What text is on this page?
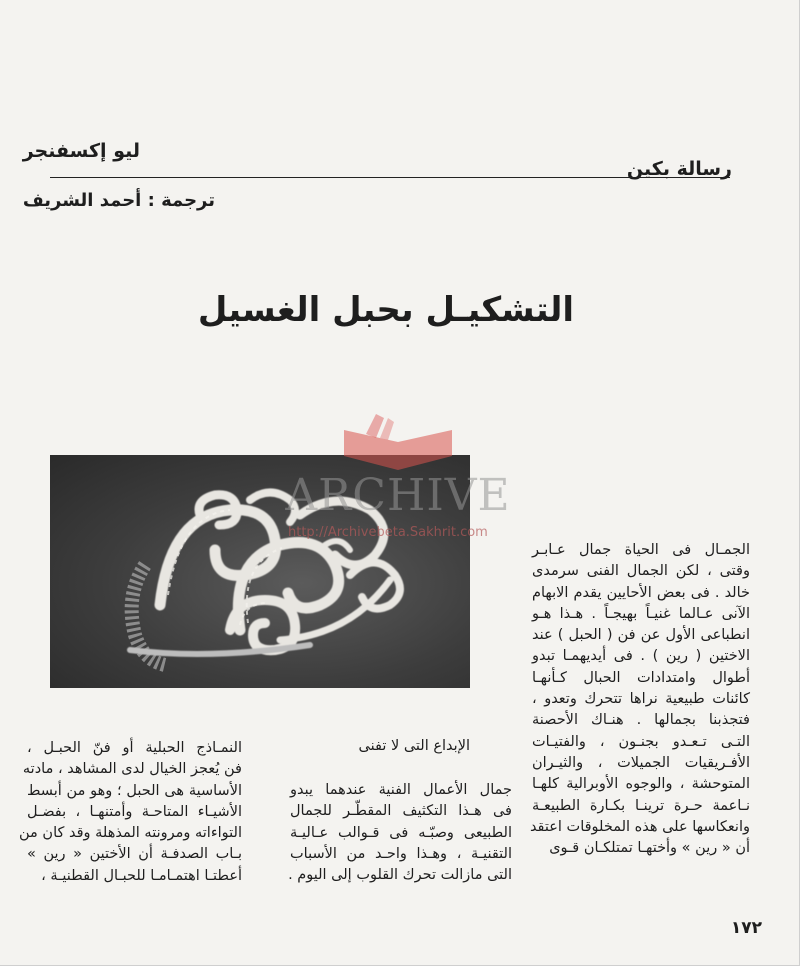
ليو إكسفنجر
رسالة بكين
ترجمة : أحمد الشريف
التشكيـل بحبل الغسيل
ARCHIVE
http://Archivebeta.Sakhrit.com
الجمـال فى الحياة جمال عـابـر
وقتى ، لكن الجمال الفنى سرمدى
خالد . فى بعض الأحايين يقدم الابهام
الآنى عـالما غنيـاً بهيجـاً . هـذا هـو
انطباعى الأول عن فن ( الحبل ) عند
الاختين ( رين ) . فى أيديهمـا تبدو
أطوال وامتدادات الحبال كـأنهـا
كائنات طبيعية نراها تتحرك وتعدو ،
فتجذبنا بجمالها . هنـاك الأحصنة
التـى تـعـدو بجنـون ، والفتيـات
الأفـريقيات الجميلات ، والثيـران
المتوحشة ، والوجوه الأوبرالية كلهـا
نـاعمة حـرة ترينـا بكـارة الطبيعـة
وانعكاسها على هذه المخلوقات اعتقد
أن « رين » وأختهـا تمتلكـان قـوى
الإبداع التى لا تفنى
جمال الأعمال الفنية عندهما يبدو
فى هـذا التكثيف المقطّـر للجمال
الطبيعى وصبّـه فى قـوالب عـاليـة
التقنيـة ، وهـذا واحـد من الأسباب
التى مازالت تحرك القلوب إلى اليوم .
النمـاذج الحبلية أو فنّ الحبـل ،
فن يُعجز الخيال لدى المشاهد ، مادته
الأساسية هى الحبل ؛ وهو من أبسط
الأشيـاء المتاحـة وأمتنهـا ، بفضـل
التواءاته ومرونته المذهلة وقد كان من
بـاب الصدفـة أن الأختين « رين »
أعطتـا اهتمـامـا للحبـال القطنيـة ،
١٧٢
